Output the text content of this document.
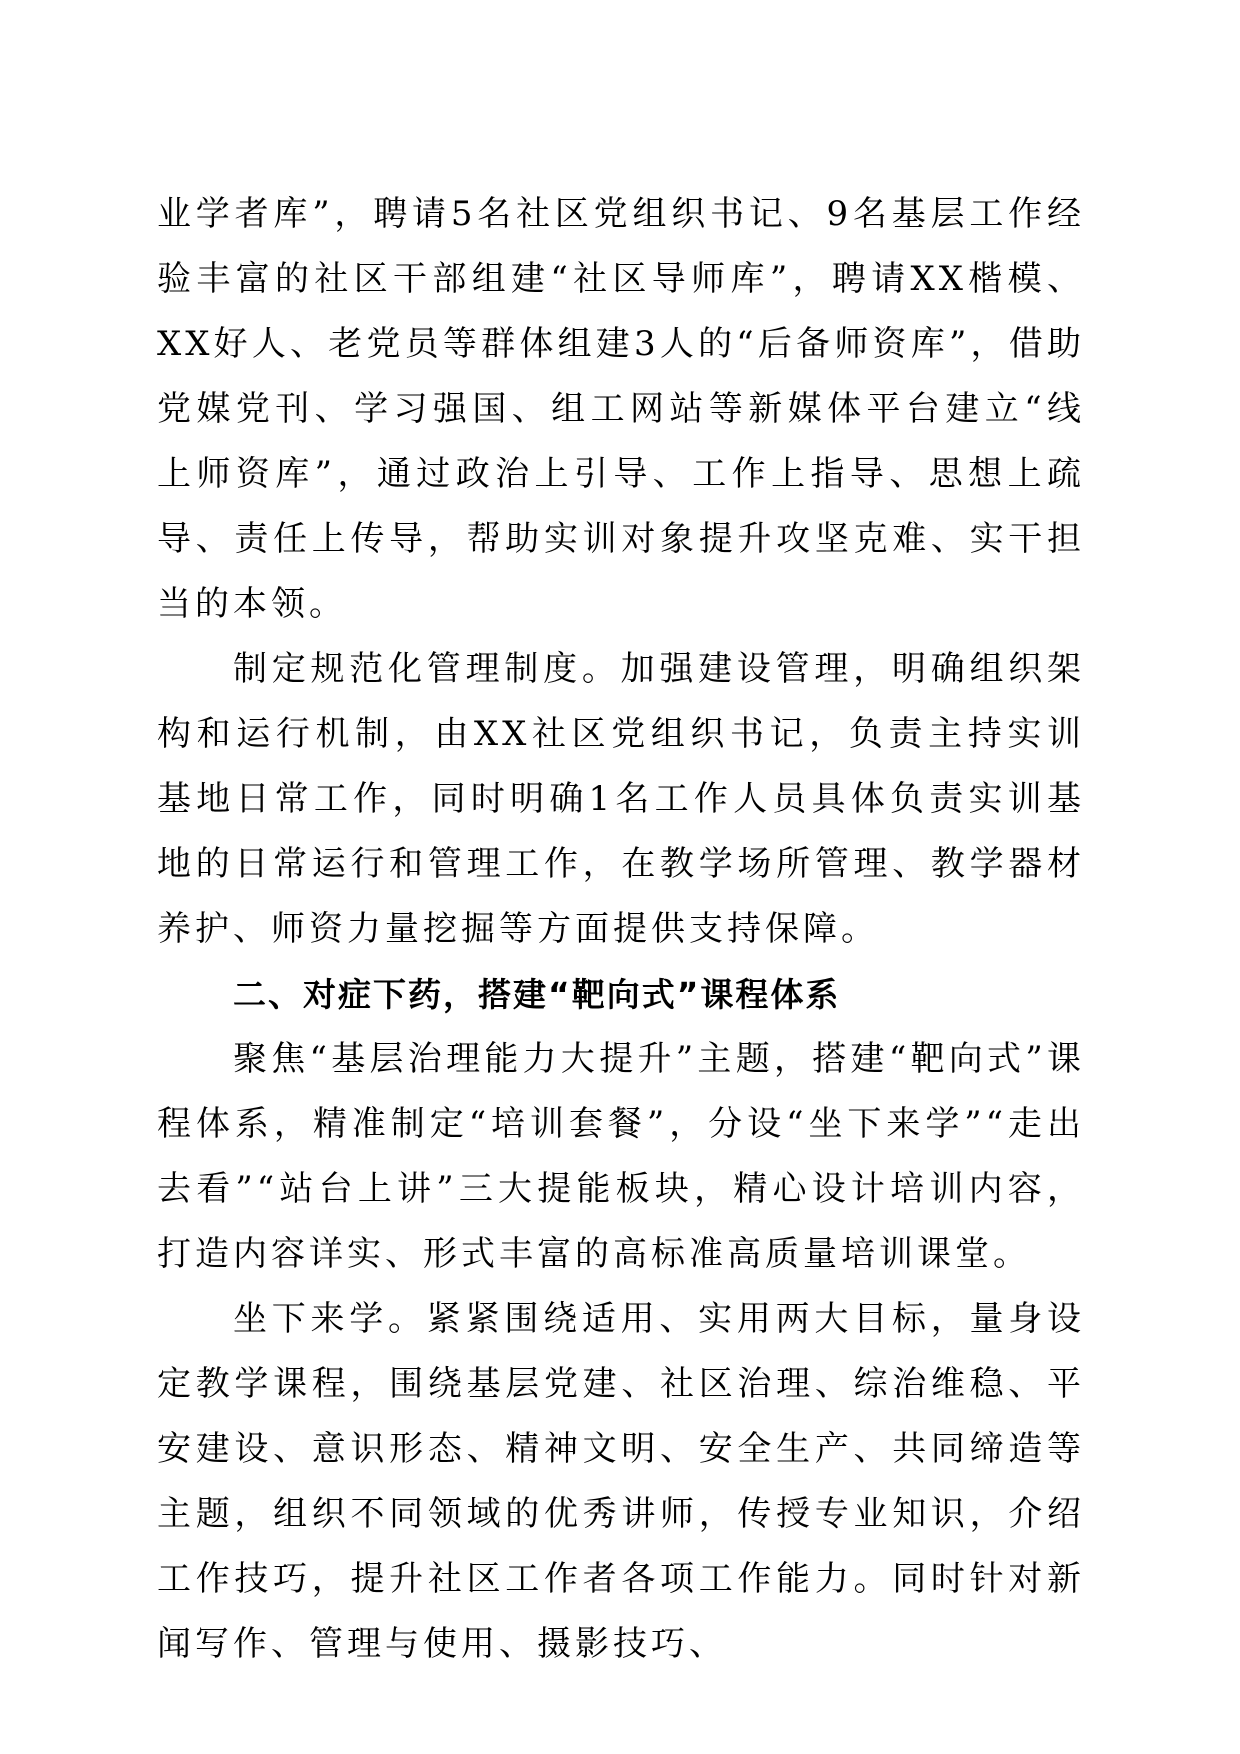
业学者库”，聘请5名社区党组织书记、9名基层工作经验丰富的社区干部组建“社区导师库”，聘请XX楷模、XX好人、老党员等群体组建3人的“后备师资库”，借助党媒党刊、学习强国、组工网站等新媒体平台建立“线上师资库”，通过政治上引导、工作上指导、思想上疏导、责任上传导，帮助实训对象提升攻坚克难、实干担当的本领。

制定规范化管理制度。加强建设管理，明确组织架构和运行机制，由XX社区党组织书记，负责主持实训基地日常工作，同时明确1名工作人员具体负责实训基地的日常运行和管理工作，在教学场所管理、教学器材养护、师资力量挖掘等方面提供支持保障。

二、对症下药，搭建“靶向式”课程体系

聚焦“基层治理能力大提升”主题，搭建“靶向式”课程体系，精准制定“培训套餐”，分设“坐下来学”“走出去看”“站台上讲”三大提能板块，精心设计培训内容，打造内容详实、形式丰富的高标准高质量培训课堂。

坐下来学。紧紧围绕适用、实用两大目标，量身设定教学课程，围绕基层党建、社区治理、综治维稳、平安建设、意识形态、精神文明、安全生产、共同缔造等主题，组织不同领域的优秀讲师，传授专业知识，介绍工作技巧，提升社区工作者各项工作能力。同时针对新闻写作、管理与使用、摄影技巧、
